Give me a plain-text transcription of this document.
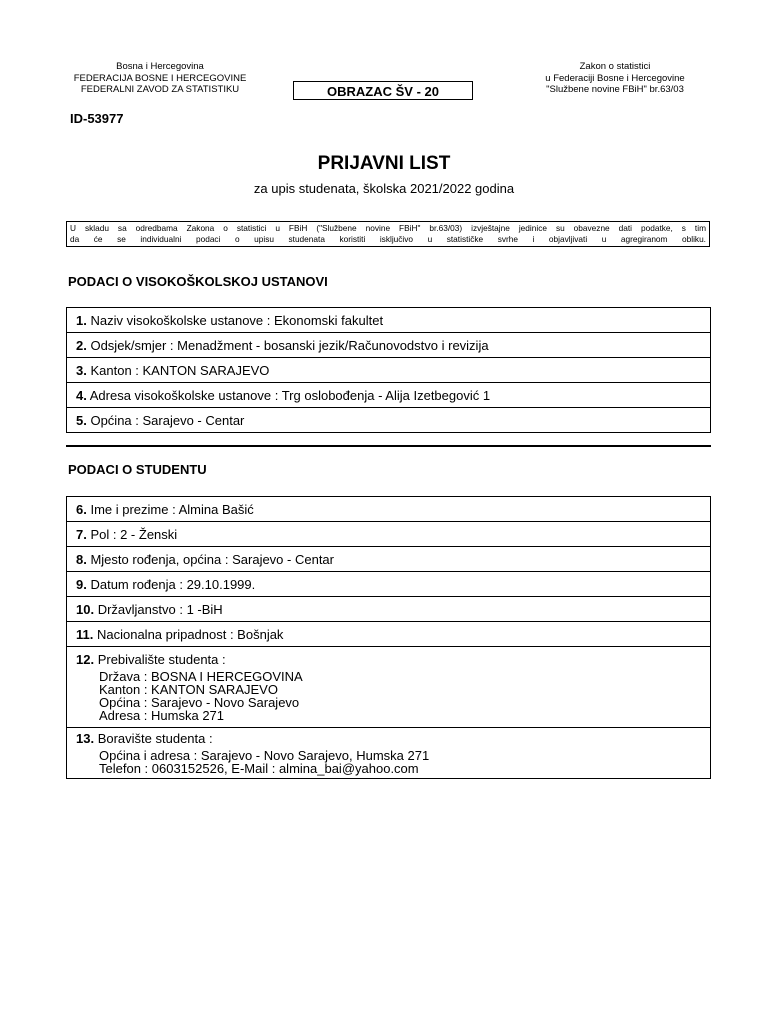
Bosna i Hercegovina
FEDERACIJA BOSNE I HERCEGOVINE
FEDERALNI ZAVOD ZA STATISTIKU	OBRAZAC ŠV - 20
Zakon o statistici
u Federaciji Bosne i Hercegovine
"Službene novine FBiH" br.63/03
ID-53977
PRIJAVNI LIST
za upis studenata, školska 2021/2022 godina
U skladu sa odredbama Zakona o statistici u FBiH ("Službene novine FBiH" br.63/03) izvještajne jedinice su obavezne dati podatke, s tim
da će se individualni podaci o upisu studenata koristiti isključivo u statističke svrhe i objavljivati u agregiranom obliku.
PODACI O VISOKOŠKOLSKOJ USTANOVI
1. Naziv visokoškolske ustanove : Ekonomski fakultet
2. Odsjek/smjer : Menadžment - bosanski jezik/Računovodstvo i revizija
3. Kanton : KANTON SARAJEVO
4. Adresa visokoškolske ustanove : Trg oslobođenja - Alija Izetbegović 1
5. Općina : Sarajevo - Centar
PODACI O STUDENTU
6. Ime i prezime : Almina Bašić
7. Pol : 2 - Ženski
8. Mjesto rođenja, općina : Sarajevo - Centar
9. Datum rođenja : 29.10.1999.
10. Državljanstvo : 1 -BiH
11. Nacionalna pripadnost : Bošnjak

12. Prebivalište studenta :
Država : BOSNA I HERCEGOVINA
Kanton : KANTON SARAJEVO
Općina : Sarajevo - Novo Sarajevo
Adresa : Humska 271

13. Boravište studenta :
Općina i adresa : Sarajevo - Novo Sarajevo, Humska 271
Telefon : 0603152526, E-Mail : almina_bai@yahoo.com
